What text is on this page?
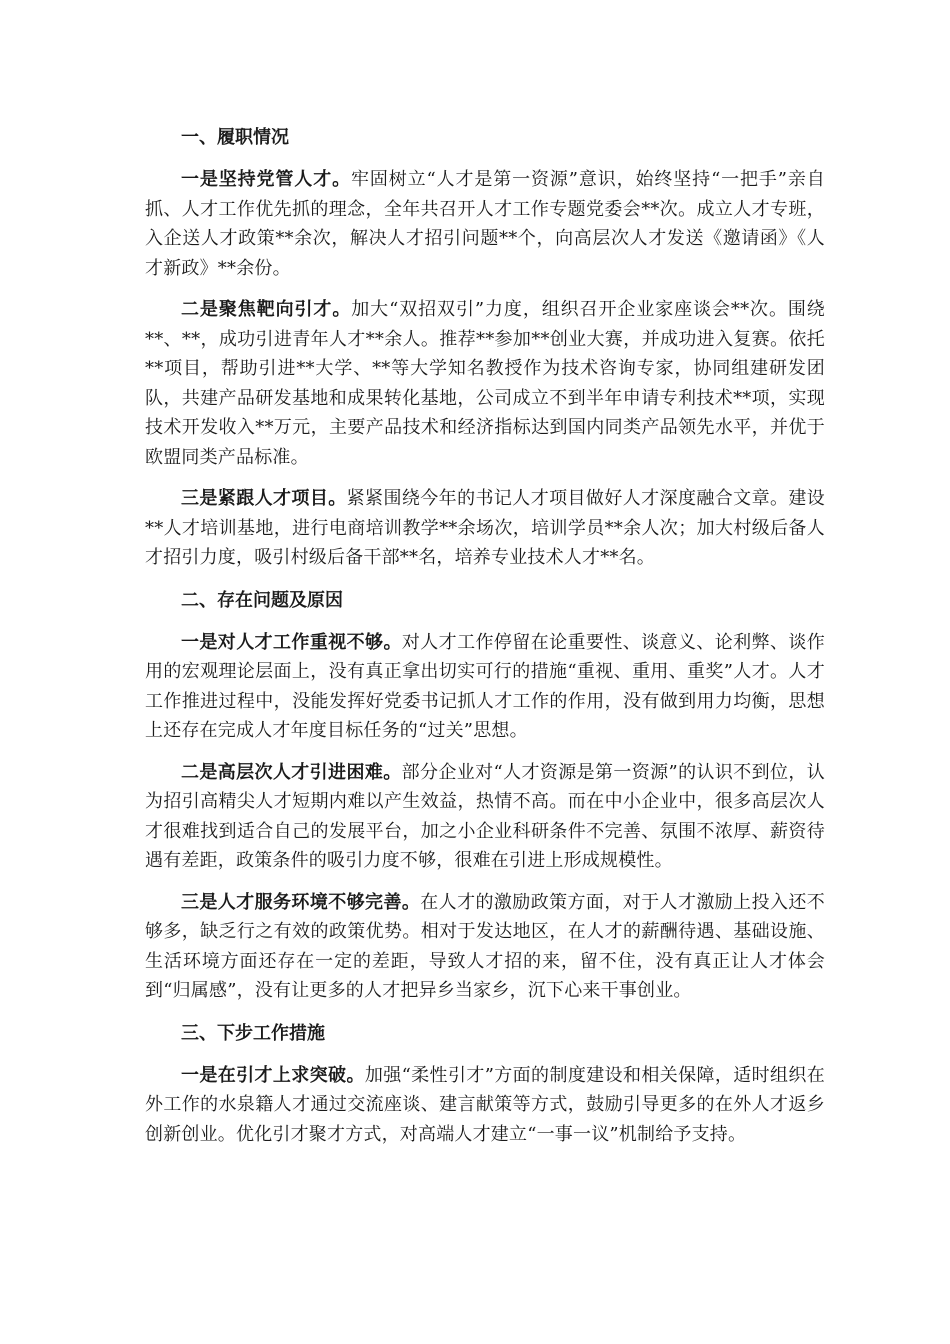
一、履职情况

一是坚持党管人才。牢固树立“人才是第一资源”意识，始终坚持“一把手”亲自抓、人才工作优先抓的理念，全年共召开人才工作专题党委会**次。成立人才专班，入企送人才政策**余次，解决人才招引问题**个，向高层次人才发送《邀请函》《人才新政》**余份。

二是聚焦靶向引才。加大“双招双引”力度，组织召开企业家座谈会**次。围绕**、**，成功引进青年人才**余人。推荐**参加**创业大赛，并成功进入复赛。依托**项目，帮助引进**大学、**等大学知名教授作为技术咨询专家，协同组建研发团队，共建产品研发基地和成果转化基地，公司成立不到半年申请专利技术**项，实现技术开发收入**万元，主要产品技术和经济指标达到国内同类产品领先水平，并优于欧盟同类产品标准。

三是紧跟人才项目。紧紧围绕今年的书记人才项目做好人才深度融合文章。建设**人才培训基地，进行电商培训教学**余场次，培训学员**余人次；加大村级后备人才招引力度，吸引村级后备干部**名，培养专业技术人才**名。

二、存在问题及原因

一是对人才工作重视不够。对人才工作停留在论重要性、谈意义、论利弊、谈作用的宏观理论层面上，没有真正拿出切实可行的措施“重视、重用、重奖”人才。人才工作推进过程中，没能发挥好党委书记抓人才工作的作用，没有做到用力均衡，思想上还存在完成人才年度目标任务的“过关”思想。

二是高层次人才引进困难。部分企业对“人才资源是第一资源”的认识不到位，认为招引高精尖人才短期内难以产生效益，热情不高。而在中小企业中，很多高层次人才很难找到适合自己的发展平台，加之小企业科研条件不完善、氛围不浓厚、薪资待遇有差距，政策条件的吸引力度不够，很难在引进上形成规模性。

三是人才服务环境不够完善。在人才的激励政策方面，对于人才激励上投入还不够多，缺乏行之有效的政策优势。相对于发达地区，在人才的薪酬待遇、基础设施、生活环境方面还存在一定的差距，导致人才招的来，留不住，没有真正让人才体会到“归属感”，没有让更多的人才把异乡当家乡，沉下心来干事创业。

三、下步工作措施

一是在引才上求突破。加强“柔性引才”方面的制度建设和相关保障，适时组织在外工作的水泉籍人才通过交流座谈、建言献策等方式，鼓励引导更多的在外人才返乡创新创业。优化引才聚才方式，对高端人才建立“一事一议”机制给予支持。
